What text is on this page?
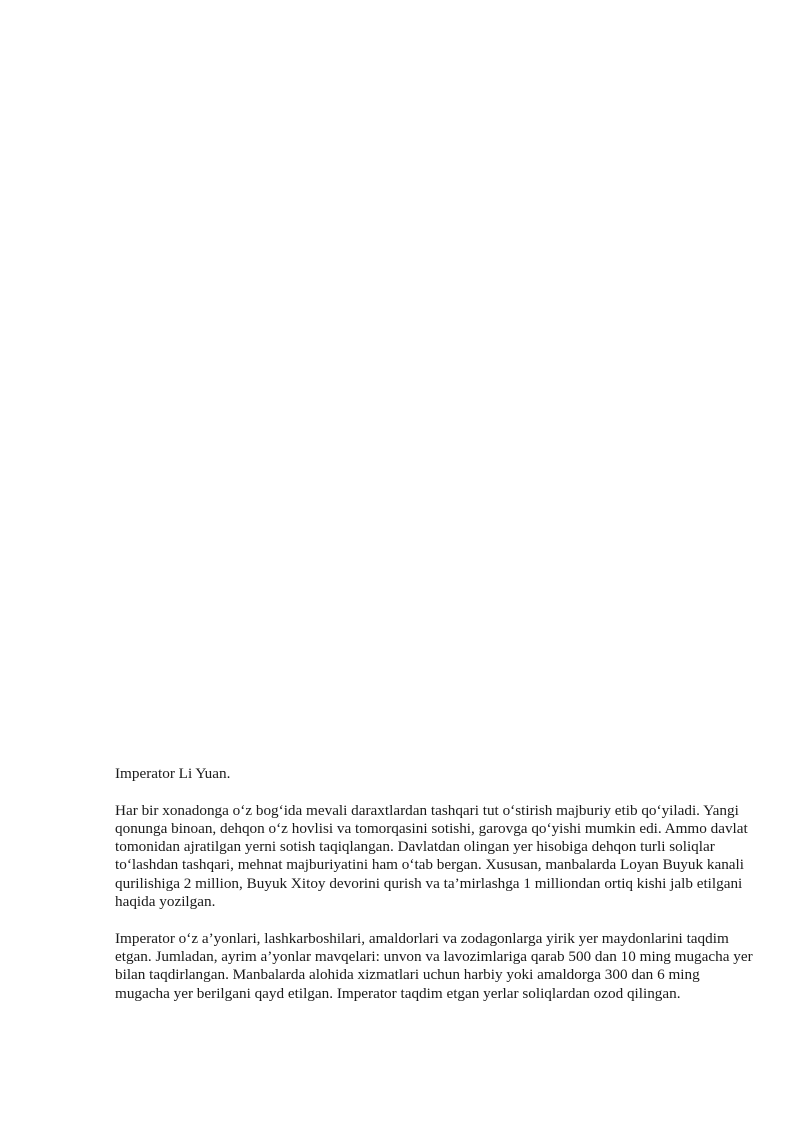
Imperator Li Yuan.

Har bir xonadonga o‘z bog‘ida mevali daraxtlardan tashqari tut o‘stirish majburiy etib qo‘yiladi. Yangi qonunga binoan, dehqon o‘z hovlisi va tomorqasini sotishi, garovga qo‘yishi mumkin edi. Ammo davlat tomonidan ajratilgan yerni sotish taqiqlangan. Davlatdan olingan yer hisobiga dehqon turli soliqlar to‘lashdan tashqari, mehnat majburiyatini ham o‘tab bergan. Xususan, manbalarda Loyan Buyuk kanali qurilishiga 2 million, Buyuk Xitoy devorini qurish va ta’mirlashga 1 milliondan ortiq kishi jalb etilgani haqida yozilgan.

Imperator o‘z a’yonlari, lashkarboshilari, amaldorlari va zodagonlarga yirik yer maydonlarini taqdim etgan. Jumladan, ayrim a’yonlar mavqelari: unvon va lavozimlariga qarab 500 dan 10 ming mugacha yer bilan taqdirlangan. Manbalarda alohida xizmatlari uchun harbiy yoki amaldorga 300 dan 6 ming mugacha yer berilgani qayd etilgan. Imperator taqdim etgan yerlar soliqlardan ozod qilingan.
